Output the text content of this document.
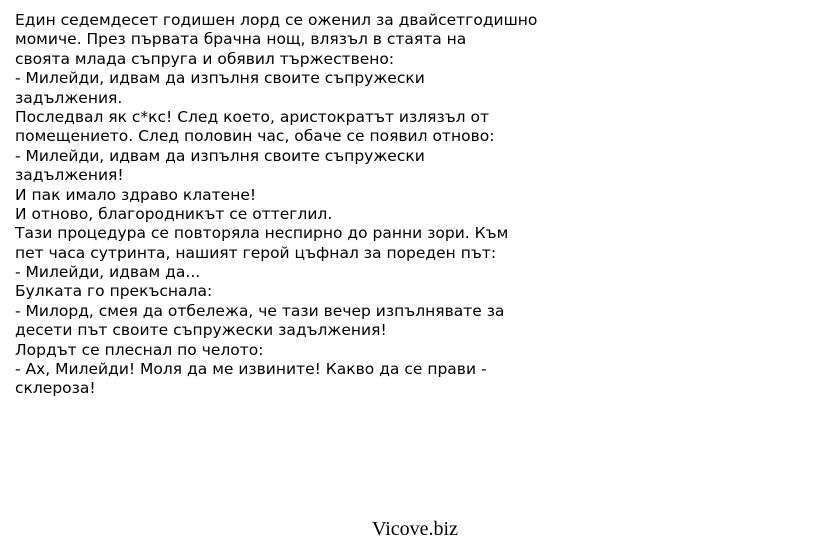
Един седемдесет годишен лорд се оженил за двайсетгодишно
момиче. През първата брачна нощ, влязъл в стаята на
своята млада съпруга и обявил тържествено:
- Милейди, идвам да изпълня своите съпружески
задължения.
Последвал як с*кс! След което, аристократът излязъл от
помещението. След половин час, обаче се появил отново:
- Милейди, идвам да изпълня своите съпружески
задължения!
И пак имало здраво клатене!
И отново, благородникът се оттеглил.
Тази процедура се повторяла неспирно до ранни зори. Към
пет часа сутринта, нашият герой цъфнал за пореден път:
- Милейди, идвам да...
Булката го прекъснала:
- Милорд, смея да отбележа, че тази вечер изпълнявате за
десети път своите съпружески задължения!
Лордът се плеснал по челото:
- Ах, Милейди! Моля да ме извините! Какво да се прави -
склероза!
Vicove.biz
